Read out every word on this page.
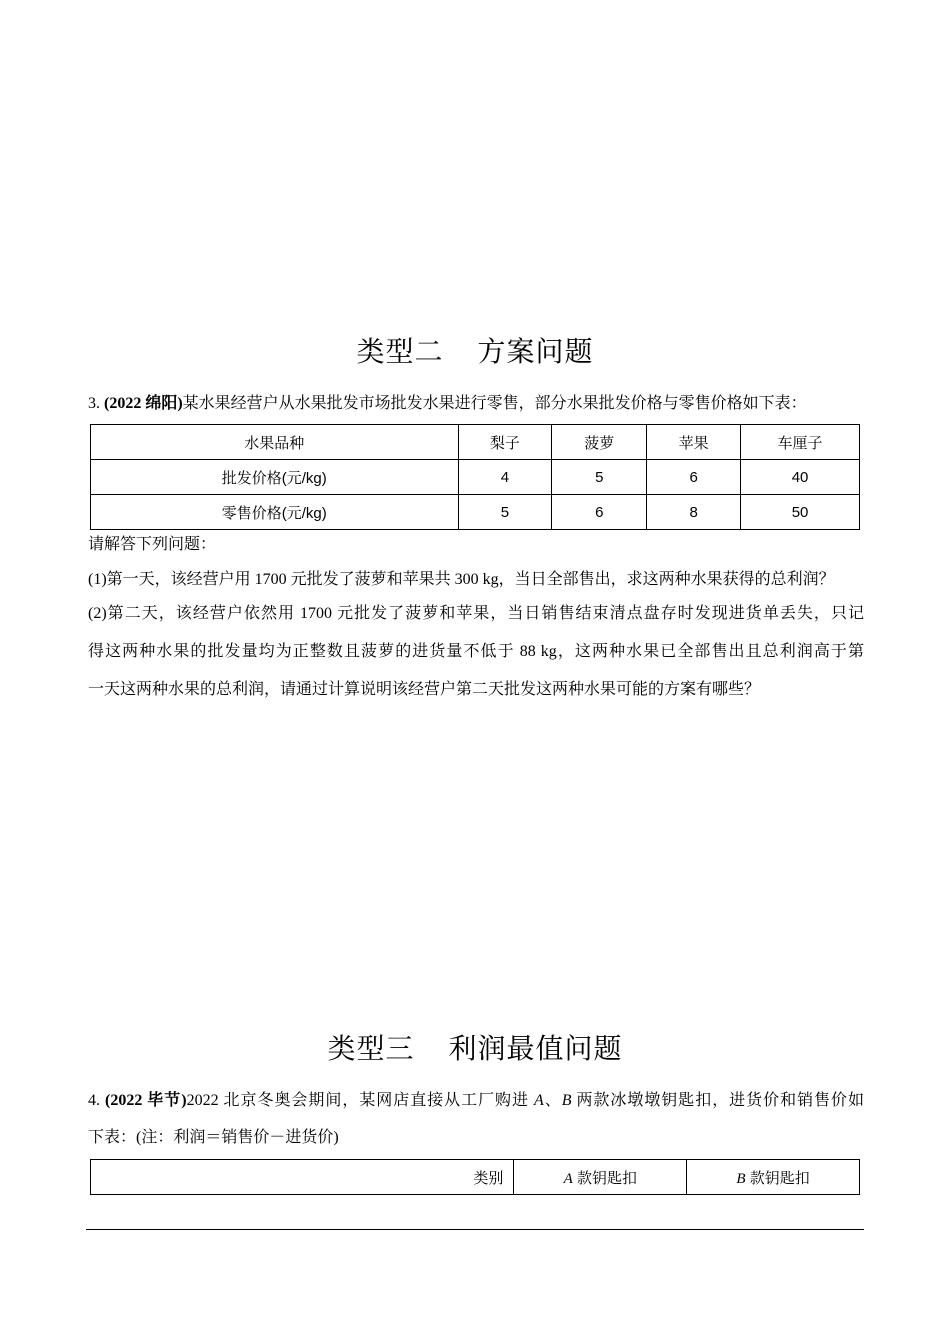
类型二 方案问题
3. (2022 绵阳)某水果经营户从水果批发市场批发水果进行零售，部分水果批发价格与零售价格如下表：
水果品种	梨子	菠萝	苹果	车厘子
批发价格(元/kg)	4	5	6	40
零售价格(元/kg)	5	6	8	50
请解答下列问题：
(1)第一天，该经营户用 1700 元批发了菠萝和苹果共 300 kg，当日全部售出，求这两种水果获得的总利润？
(2)第二天，该经营户依然用 1700 元批发了菠萝和苹果，当日销售结束清点盘存时发现进货单丢失，只记
得这两种水果的批发量均为正整数且菠萝的进货量不低于 88 kg，这两种水果已全部售出且总利润高于第
一天这两种水果的总利润，请通过计算说明该经营户第二天批发这两种水果可能的方案有哪些？
类型三 利润最值问题
4. (2022 毕节)2022 北京冬奥会期间，某网店直接从工厂购进 A、B 两款冰墩墩钥匙扣，进货价和销售价如
下表：(注：利润＝销售价－进货价)
类别	A 款钥匙扣	B 款钥匙扣
